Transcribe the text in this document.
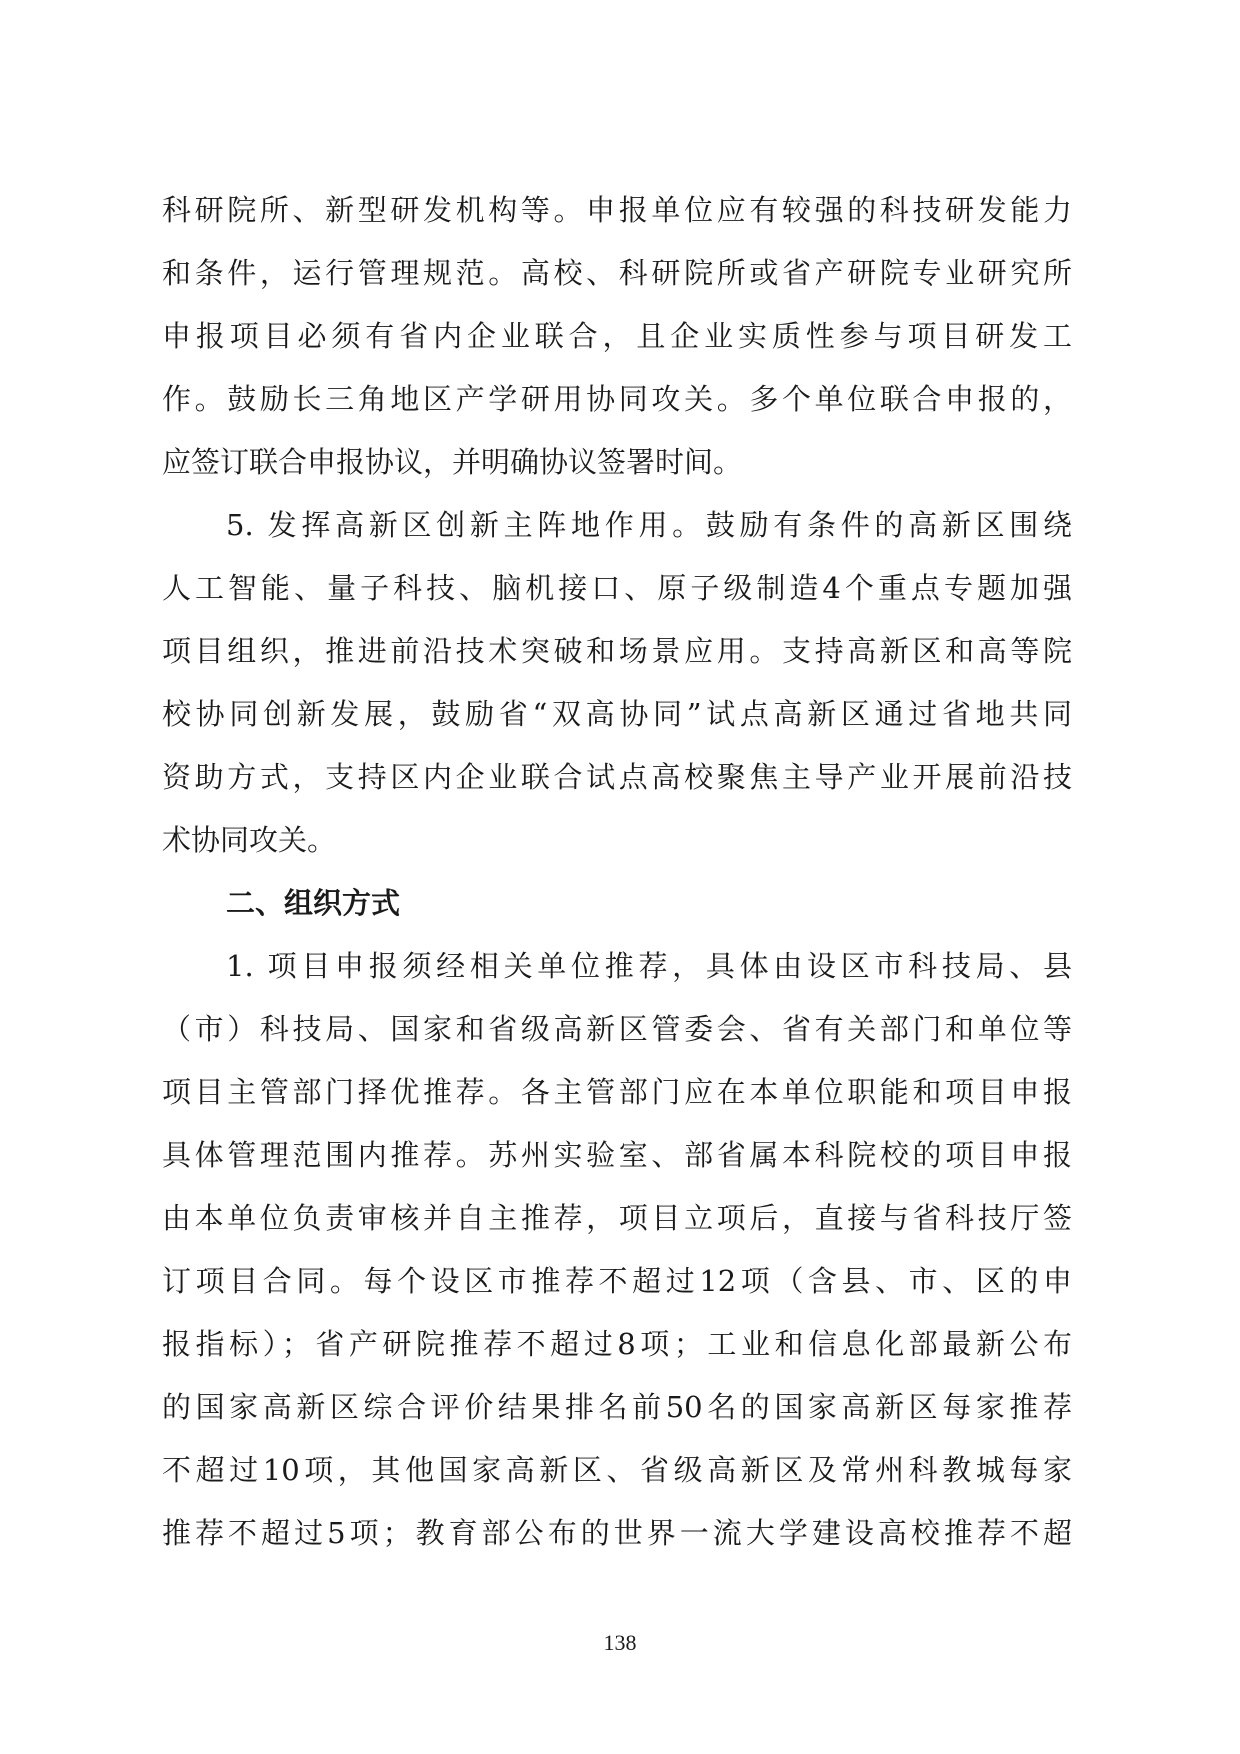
科研院所、新型研发机构等。申报单位应有较强的科技研发能力
和条件，运行管理规范。高校、科研院所或省产研院专业研究所
申报项目必须有省内企业联合，且企业实质性参与项目研发工
作。鼓励长三角地区产学研用协同攻关。多个单位联合申报的，
应签订联合申报协议，并明确协议签署时间。
5. 发挥高新区创新主阵地作用。鼓励有条件的高新区围绕
人工智能、量子科技、脑机接口、原子级制造4个重点专题加强
项目组织，推进前沿技术突破和场景应用。支持高新区和高等院
校协同创新发展，鼓励省“双高协同”试点高新区通过省地共同
资助方式，支持区内企业联合试点高校聚焦主导产业开展前沿技
术协同攻关。
二、组织方式
1. 项目申报须经相关单位推荐，具体由设区市科技局、县
（市）科技局、国家和省级高新区管委会、省有关部门和单位等
项目主管部门择优推荐。各主管部门应在本单位职能和项目申报
具体管理范围内推荐。苏州实验室、部省属本科院校的项目申报
由本单位负责审核并自主推荐，项目立项后，直接与省科技厅签
订项目合同。每个设区市推荐不超过12项（含县、市、区的申
报指标）；省产研院推荐不超过8项；工业和信息化部最新公布
的国家高新区综合评价结果排名前50名的国家高新区每家推荐
不超过10项，其他国家高新区、省级高新区及常州科教城每家
推荐不超过5项；教育部公布的世界一流大学建设高校推荐不超
138
